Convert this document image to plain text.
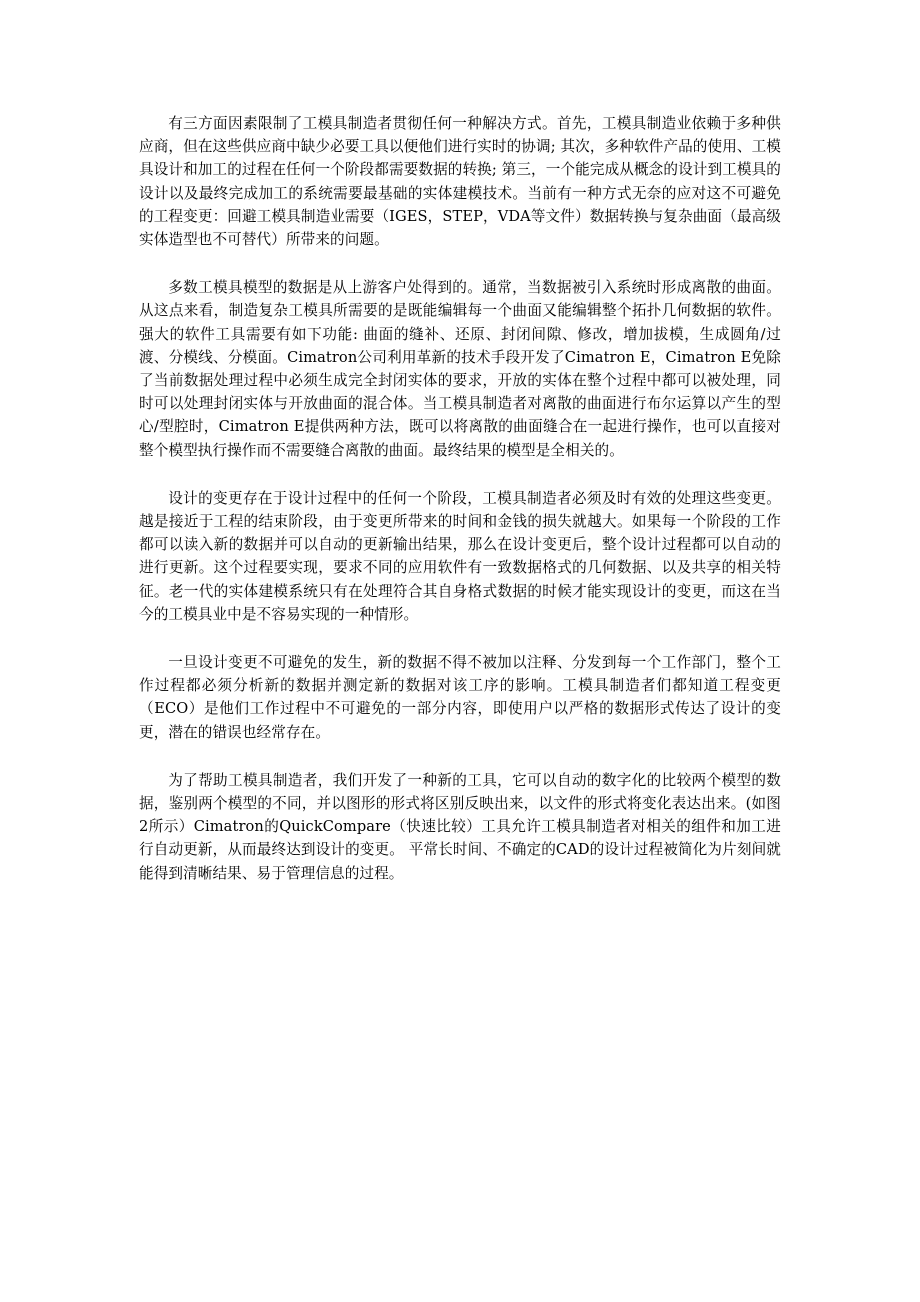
有三方面因素限制了工模具制造者贯彻任何一种解决方式。首先，工模具制造业依赖于多种供应商，但在这些供应商中缺少必要工具以便他们进行实时的协调; 其次，多种软件产品的使用、工模具设计和加工的过程在任何一个阶段都需要数据的转换; 第三，一个能完成从概念的设计到工模具的设计以及最终完成加工的系统需要最基础的实体建模技术。当前有一种方式无奈的应对这不可避免的工程变更：回避工模具制造业需要（IGES，STEP，VDA等文件）数据转换与复杂曲面（最高级实体造型也不可替代）所带来的问题。

多数工模具模型的数据是从上游客户处得到的。通常，当数据被引入系统时形成离散的曲面。从这点来看，制造复杂工模具所需要的是既能编辑每一个曲面又能编辑整个拓扑几何数据的软件。强大的软件工具需要有如下功能: 曲面的缝补、还原、封闭间隙、修改，增加拔模，生成圆角/过渡、分模线、分模面。Cimatron公司利用革新的技术手段开发了Cimatron E，Cimatron E免除了当前数据处理过程中必须生成完全封闭实体的要求，开放的实体在整个过程中都可以被处理，同时可以处理封闭实体与开放曲面的混合体。当工模具制造者对离散的曲面进行布尔运算以产生的型心/型腔时，Cimatron E提供两种方法，既可以将离散的曲面缝合在一起进行操作，也可以直接对整个模型执行操作而不需要缝合离散的曲面。最终结果的模型是全相关的。

设计的变更存在于设计过程中的任何一个阶段，工模具制造者必须及时有效的处理这些变更。越是接近于工程的结束阶段，由于变更所带来的时间和金钱的损失就越大。如果每一个阶段的工作都可以读入新的数据并可以自动的更新输出结果，那么在设计变更后，整个设计过程都可以自动的进行更新。这个过程要实现，要求不同的应用软件有一致数据格式的几何数据、以及共享的相关特征。老一代的实体建模系统只有在处理符合其自身格式数据的时候才能实现设计的变更，而这在当今的工模具业中是不容易实现的一种情形。

一旦设计变更不可避免的发生，新的数据不得不被加以注释、分发到每一个工作部门，整个工作过程都必须分析新的数据并测定新的数据对该工序的影响。工模具制造者们都知道工程变更（ECO）是他们工作过程中不可避免的一部分内容，即使用户以严格的数据形式传达了设计的变更，潜在的错误也经常存在。

为了帮助工模具制造者，我们开发了一种新的工具，它可以自动的数字化的比较两个模型的数据，鉴别两个模型的不同，并以图形的形式将区别反映出来，以文件的形式将变化表达出来。(如图2所示）Cimatron的QuickCompare（快速比较）工具允许工模具制造者对相关的组件和加工进行自动更新，从而最终达到设计的变更。 平常长时间、不确定的CAD的设计过程被简化为片刻间就能得到清晰结果、易于管理信息的过程。
